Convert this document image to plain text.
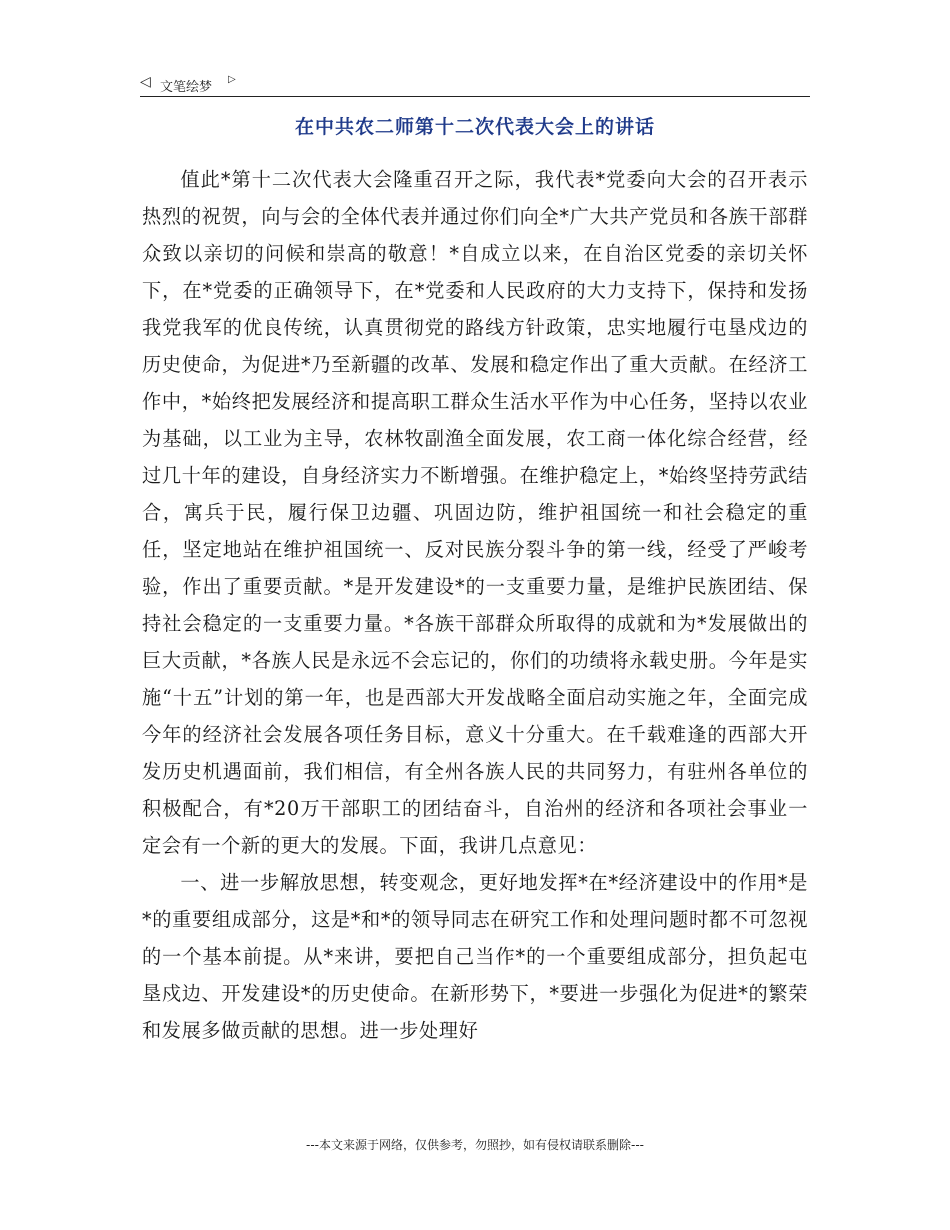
◁ 文笔绘梦
▷
在中共农二师第十二次代表大会上的讲话

值此*第十二次代表大会隆重召开之际，我代表*党委向大会的召开表示热烈的祝贺，向与会的全体代表并通过你们向全*广大共产党员和各族干部群众致以亲切的问候和崇高的敬意！*自成立以来，在自治区党委的亲切关怀下，在*党委的正确领导下，在*党委和人民政府的大力支持下，保持和发扬我党我军的优良传统，认真贯彻党的路线方针政策，忠实地履行屯垦戍边的历史使命，为促进*乃至新疆的改革、发展和稳定作出了重大贡献。在经济工作中，*始终把发展经济和提高职工群众生活水平作为中心任务，坚持以农业为基础，以工业为主导，农林牧副渔全面发展，农工商一体化综合经营，经过几十年的建设，自身经济实力不断增强。在维护稳定上，*始终坚持劳武结合，寓兵于民，履行保卫边疆、巩固边防，维护祖国统一和社会稳定的重任，坚定地站在维护祖国统一、反对民族分裂斗争的第一线，经受了严峻考验，作出了重要贡献。*是开发建设*的一支重要力量，是维护民族团结、保持社会稳定的一支重要力量。*各族干部群众所取得的成就和为*发展做出的巨大贡献，*各族人民是永远不会忘记的，你们的功绩将永载史册。今年是实施“十五”计划的第一年，也是西部大开发战略全面启动实施之年，全面完成今年的经济社会发展各项任务目标，意义十分重大。在千载难逢的西部大开发历史机遇面前，我们相信，有全州各族人民的共同努力，有驻州各单位的积极配合，有*20万干部职工的团结奋斗，自治州的经济和各项社会事业一定会有一个新的更大的发展。下面，我讲几点意见：

一、进一步解放思想，转变观念，更好地发挥*在*经济建设中的作用*是*的重要组成部分，这是*和*的领导同志在研究工作和处理问题时都不可忽视的一个基本前提。从*来讲，要把自己当作*的一个重要组成部分，担负起屯垦戍边、开发建设*的历史使命。在新形势下，*要进一步强化为促进*的繁荣和发展多做贡献的思想。进一步处理好

---本文来源于网络，仅供参考，勿照抄，如有侵权请联系删除---
